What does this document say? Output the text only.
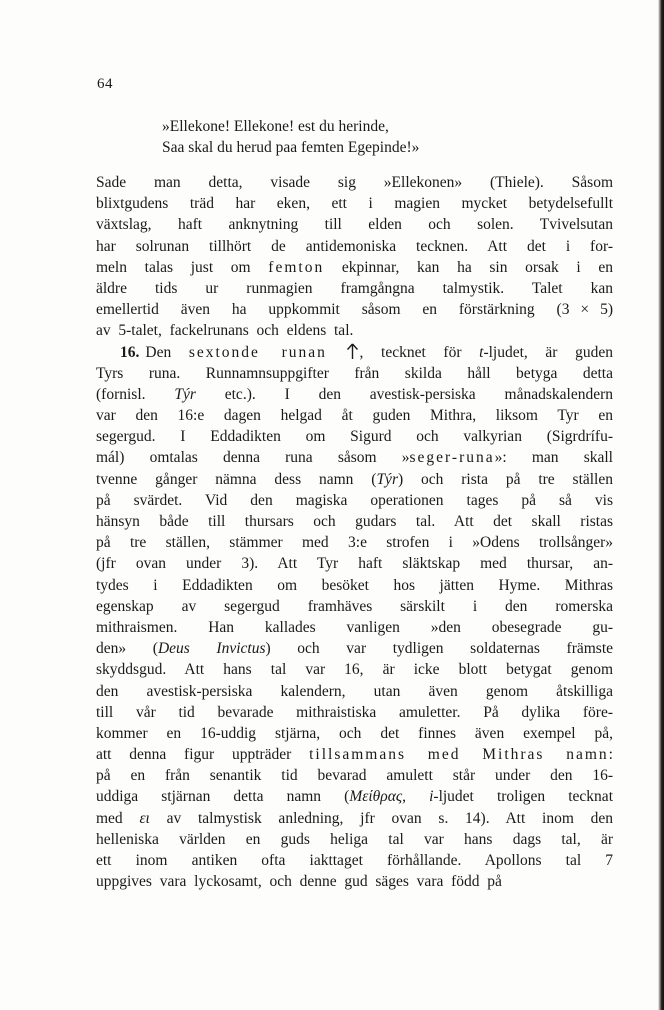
64
»Ellekone! Ellekone! est du herinde,
Saa skal du herud paa femten Egepinde!»
Sade  man  detta,  visade  sig  »Ellekonen»  (Thiele).  Såsom
blixtgudens  träd  har  eken,  ett  i  magien  mycket  betydelsefullt
växtslag,  haft  anknytning  till  elden  och  solen.  Tvivelsutan
har  solrunan  tillhört  de  antidemoniska  tecknen.  Att  det  i  for-
meln  talas  just  om  femton  ekpinnar,  kan  ha  sin  orsak  i  en
äldre  tids  ur  runmagien  framgångna  talmystik.  Talet  kan
emellertid  även  ha  uppkommit  såsom  en  förstärkning  (3 × 5)
av  5-talet,  fackelrunans  och  eldens  tal.
16. Den  sextonde  runan ,  tecknet  för  t-ljudet,  är  guden
Tyrs  runa.  Runnamnsuppgifter  från  skilda  håll  betyga  detta
(fornisl.  Týr  etc.).  I  den  avestisk-persiska  månadskalendern
var  den  16:e  dagen  helgad  åt  guden  Mithra,  liksom  Tyr  en
segergud.  I  Eddadikten  om  Sigurd  och  valkyrian  (Sigrdrífu-
mál)  omtalas  denna  runa  såsom  »seger-runa»:  man  skall
tvenne  gånger  nämna  dess  namn  (Týr)  och  rista  på  tre  ställen
på  svärdet.  Vid  den  magiska  operationen  tages  på  så  vis
hänsyn  både  till  thursars  och  gudars  tal.  Att  det  skall  ristas
på  tre  ställen,  stämmer  med  3:e  strofen  i  »Odens  trollsånger»
(jfr  ovan  under  3).  Att  Tyr  haft  släktskap  med  thursar,  an-
tydes  i  Eddadikten  om  besöket  hos  jätten  Hyme.  Mithras
egenskap  av  segergud  framhäves  särskilt  i  den  romerska
mithraismen.  Han  kallades  vanligen  »den  obesegrade  gu-
den»  (Deus  Invictus)  och  var  tydligen  soldaternas  främste
skyddsgud.  Att  hans  tal  var  16,  är  icke  blott  betygat  genom
den  avestisk-persiska  kalendern,  utan  även  genom  åtskilliga
till  vår  tid  bevarade  mithraistiska  amuletter.  På  dylika  före-
kommer  en  16-uddig  stjärna,  och  det  finnes  även  exempel  på,
att  denna  figur  uppträder  tillsammans  med  Mithras  namn:
på  en  från  senantik  tid  bevarad  amulett  står  under  den  16-
uddiga  stjärnan  detta  namn  (Μείθρας,  i-ljudet  troligen  tecknat
med  ει  av  talmystisk  anledning,  jfr  ovan  s.  14).  Att  inom  den
helleniska  världen  en  guds  heliga  tal  var  hans  dags  tal,  är
ett  inom  antiken  ofta  iakttaget  förhållande.  Apollons  tal  7
uppgives  vara  lyckosamt,  och  denne  gud  säges  vara  född  på
